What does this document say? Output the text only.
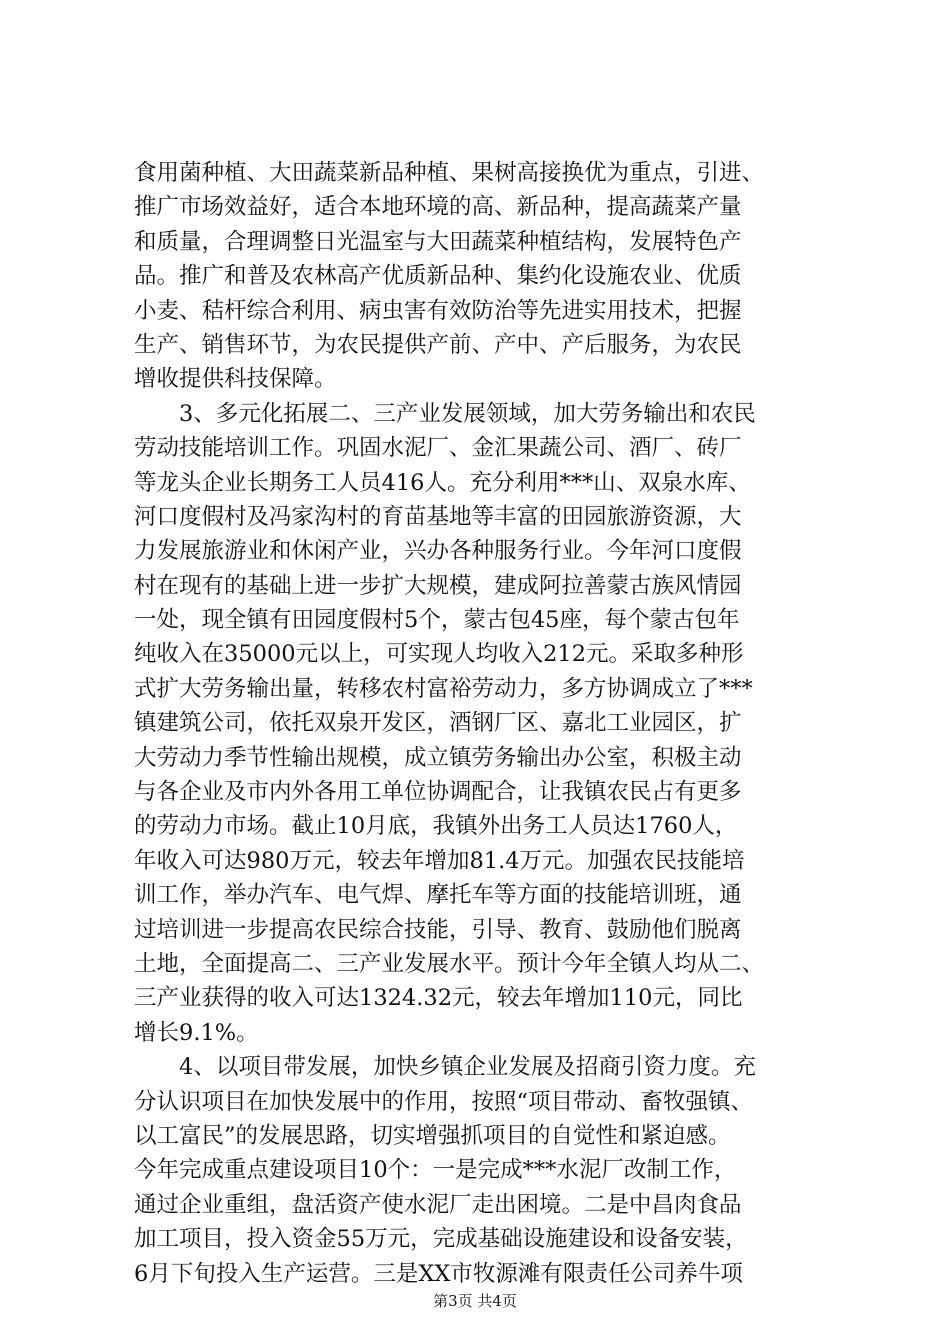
食用菌种植、大田蔬菜新品种植、果树高接换优为重点，引进、
推广市场效益好，适合本地环境的高、新品种，提高蔬菜产量
和质量，合理调整日光温室与大田蔬菜种植结构，发展特色产
品。推广和普及农林高产优质新品种、集约化设施农业、优质
小麦、秸杆综合利用、病虫害有效防治等先进实用技术，把握
生产、销售环节，为农民提供产前、产中、产后服务，为农民
增收提供科技保障。
　　3、多元化拓展二、三产业发展领域，加大劳务输出和农民
劳动技能培训工作。巩固水泥厂、金汇果蔬公司、酒厂、砖厂
等龙头企业长期务工人员416人。充分利用***山、双泉水库、
河口度假村及冯家沟村的育苗基地等丰富的田园旅游资源，大
力发展旅游业和休闲产业，兴办各种服务行业。今年河口度假
村在现有的基础上进一步扩大规模，建成阿拉善蒙古族风情园
一处，现全镇有田园度假村5个，蒙古包45座，每个蒙古包年
纯收入在35000元以上，可实现人均收入212元。采取多种形
式扩大劳务输出量，转移农村富裕劳动力，多方协调成立了***
镇建筑公司，依托双泉开发区，酒钢厂区、嘉北工业园区，扩
大劳动力季节性输出规模，成立镇劳务输出办公室，积极主动
与各企业及市内外各用工单位协调配合，让我镇农民占有更多
的劳动力市场。截止10月底，我镇外出务工人员达1760人，
年收入可达980万元，较去年增加81.4万元。加强农民技能培
训工作，举办汽车、电气焊、摩托车等方面的技能培训班，通
过培训进一步提高农民综合技能，引导、教育、鼓励他们脱离
土地，全面提高二、三产业发展水平。预计今年全镇人均从二、
三产业获得的收入可达1324.32元，较去年增加110元，同比
增长9.1%。
　　4、以项目带发展，加快乡镇企业发展及招商引资力度。充
分认识项目在加快发展中的作用，按照“项目带动、畜牧强镇、
以工富民”的发展思路，切实增强抓项目的自觉性和紧迫感。
今年完成重点建设项目10个：一是完成***水泥厂改制工作，
通过企业重组，盘活资产使水泥厂走出困境。二是中昌肉食品
加工项目，投入资金55万元，完成基础设施建设和设备安装，
6月下旬投入生产运营。三是XX市牧源滩有限责任公司养牛项
第3页 共4页
